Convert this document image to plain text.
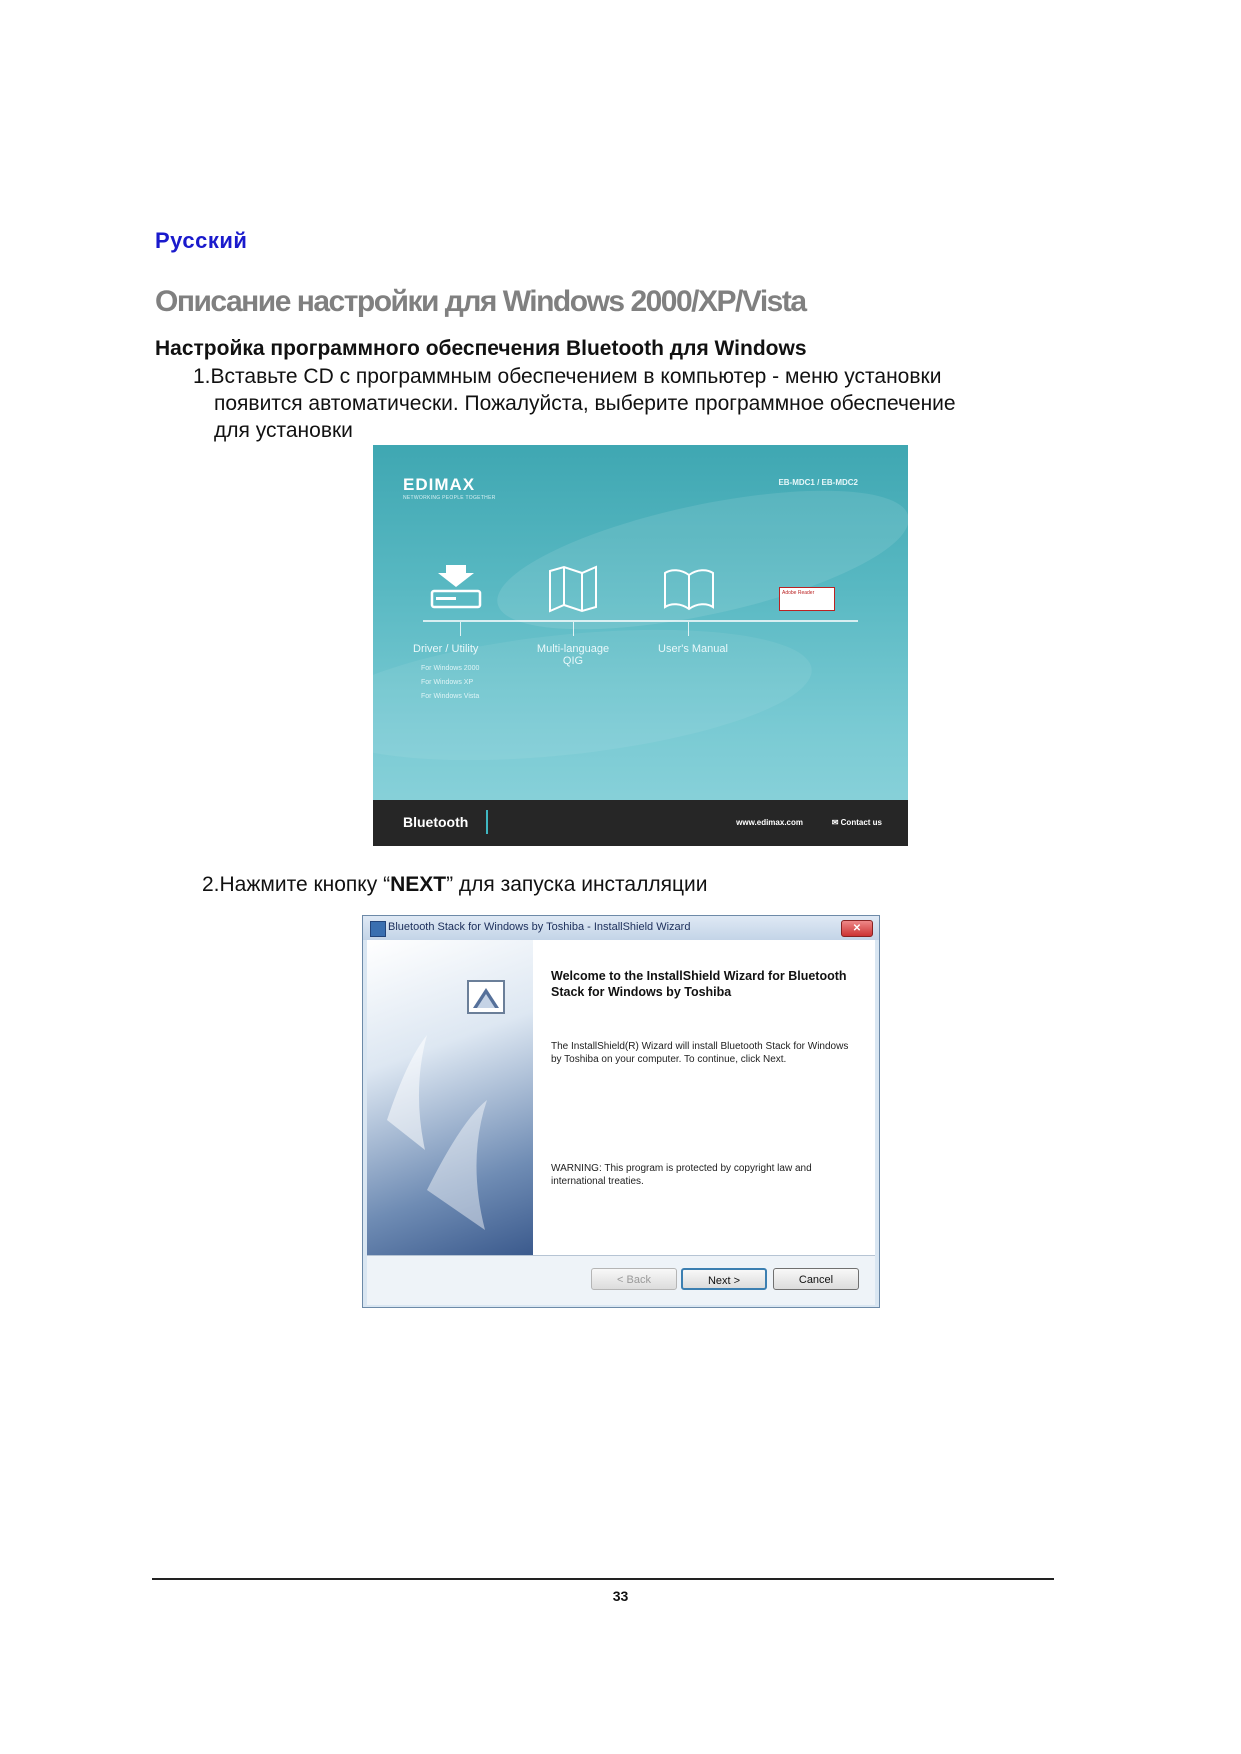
Русский
Описание настройки для Windows 2000/XP/Vista
Настройка программного обеспечения Bluetooth для Windows
1.Вставьте CD с программным обеспечением в компьютер - меню установки
появится автоматически. Пожалуйста, выберите программное обеспечение
для установки
EDIMAX
NETWORKING PEOPLE TOGETHER
EB-MDC1 / EB-MDC2
Adobe Reader
Driver / Utility
For Windows 2000
For Windows XP
For Windows Vista
Multi-language
QIG
User's Manual
Bluetooth	www.edimax.com	✉ Contact us
2.Нажмите кнопку “NEXT” для запуска инсталляции
Bluetooth Stack for Windows by Toshiba - InstallShield Wizard	✕
Welcome to the InstallShield Wizard for Bluetooth Stack for Windows by Toshiba
The InstallShield(R) Wizard will install Bluetooth Stack for Windows by Toshiba on your computer. To continue, click Next.
WARNING: This program is protected by copyright law and international treaties.
< Back	Next >	Cancel
33
